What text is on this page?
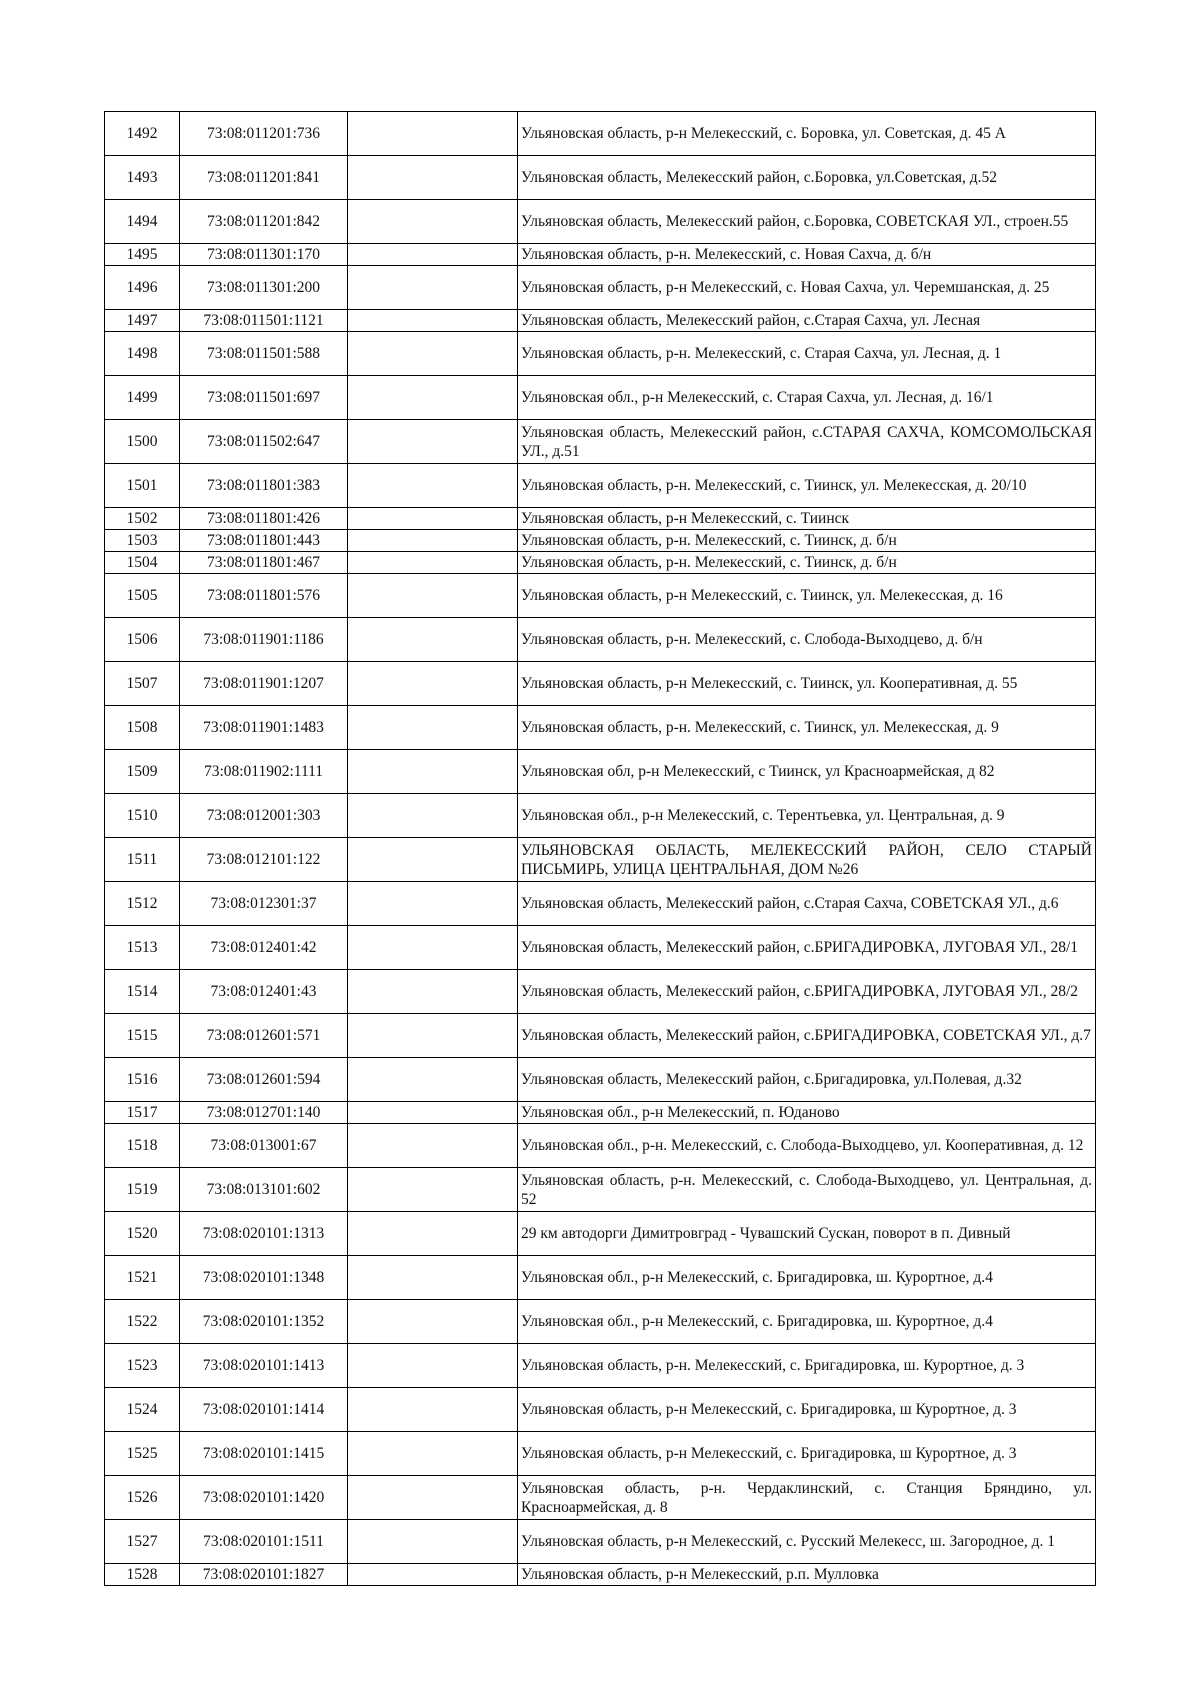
1492	73:08:011201:736		Ульяновская область, р-н Мелекесский, с. Боровка, ул. Советская, д. 45 А
1493	73:08:011201:841		Ульяновская область, Мелекесский район, с.Боровка, ул.Советская, д.52
1494	73:08:011201:842		Ульяновская область, Мелекесский район, с.Боровка, СОВЕТСКАЯ УЛ., строен.55
1495	73:08:011301:170		Ульяновская область, р-н. Мелекесский, с. Новая Сахча, д. б/н
1496	73:08:011301:200		Ульяновская область, р-н Мелекесский, с. Новая Сахча, ул. Черемшанская, д. 25
1497	73:08:011501:1121		Ульяновская область, Мелекесский район, с.Старая Сахча, ул. Лесная
1498	73:08:011501:588		Ульяновская область, р-н. Мелекесский, с. Старая Сахча, ул. Лесная, д. 1
1499	73:08:011501:697		Ульяновская обл., р-н Мелекесский, с. Старая Сахча, ул. Лесная, д. 16/1
1500	73:08:011502:647		Ульяновская область, Мелекесский район, с.СТАРАЯ САХЧА, КОМСОМОЛЬСКАЯ УЛ., д.51
1501	73:08:011801:383		Ульяновская область, р-н. Мелекесский, с. Тиинск, ул. Мелекесская, д. 20/10
1502	73:08:011801:426		Ульяновская область, р-н Мелекесский, с. Тиинск
1503	73:08:011801:443		Ульяновская область, р-н. Мелекесский, с. Тиинск, д. б/н
1504	73:08:011801:467		Ульяновская область, р-н. Мелекесский, с. Тиинск, д. б/н
1505	73:08:011801:576		Ульяновская область, р-н Мелекесский, с. Тиинск, ул. Мелекесская, д. 16
1506	73:08:011901:1186		Ульяновская область, р-н. Мелекесский, с. Слобода-Выходцево, д. б/н
1507	73:08:011901:1207		Ульяновская область, р-н Мелекесский, с. Тиинск, ул. Кооперативная, д. 55
1508	73:08:011901:1483		Ульяновская область, р-н. Мелекесский, с. Тиинск, ул. Мелекесская, д. 9
1509	73:08:011902:1111		Ульяновская обл, р-н Мелекесский, с Тиинск, ул Красноармейская, д 82
1510	73:08:012001:303		Ульяновская обл., р-н Мелекесский, с. Терентьевка, ул. Центральная, д. 9
1511	73:08:012101:122		УЛЬЯНОВСКАЯ ОБЛАСТЬ, МЕЛЕКЕССКИЙ РАЙОН, СЕЛО СТАРЫЙ ПИСЬМИРЬ, УЛИЦА ЦЕНТРАЛЬНАЯ, ДОМ №26
1512	73:08:012301:37		Ульяновская область, Мелекесский район, с.Старая Сахча, СОВЕТСКАЯ УЛ., д.6
1513	73:08:012401:42		Ульяновская область, Мелекесский район, с.БРИГАДИРОВКА, ЛУГОВАЯ УЛ., 28/1
1514	73:08:012401:43		Ульяновская область, Мелекесский район, с.БРИГАДИРОВКА, ЛУГОВАЯ УЛ., 28/2
1515	73:08:012601:571		Ульяновская область, Мелекесский район, с.БРИГАДИРОВКА, СОВЕТСКАЯ УЛ., д.7
1516	73:08:012601:594		Ульяновская область, Мелекесский район, с.Бригадировка, ул.Полевая, д.32
1517	73:08:012701:140		Ульяновская обл., р-н Мелекесский, п. Юданово
1518	73:08:013001:67		Ульяновская обл., р-н. Мелекесский, с. Слобода-Выходцево, ул. Кооперативная, д. 12
1519	73:08:013101:602		Ульяновская область, р-н. Мелекесский, с. Слобода-Выходцево, ул. Центральная, д. 52
1520	73:08:020101:1313		29 км автодорги Димитровград - Чувашский Сускан, поворот в п. Дивный
1521	73:08:020101:1348		Ульяновская обл., р-н Мелекесский, с. Бригадировка, ш. Курортное, д.4
1522	73:08:020101:1352		Ульяновская обл., р-н Мелекесский, с. Бригадировка, ш. Курортное, д.4
1523	73:08:020101:1413		Ульяновская область, р-н. Мелекесский, с. Бригадировка, ш. Курортное, д. 3
1524	73:08:020101:1414		Ульяновская область, р-н Мелекесский, с. Бригадировка, ш Курортное, д. 3
1525	73:08:020101:1415		Ульяновская область, р-н Мелекесский, с. Бригадировка, ш Курортное, д. 3
1526	73:08:020101:1420		Ульяновская область, р-н. Чердаклинский, с. Станция Бряндино, ул. Красноармейская, д. 8
1527	73:08:020101:1511		Ульяновская область, р-н Мелекесский, с. Русский Мелекесс, ш. Загородное, д. 1
1528	73:08:020101:1827		Ульяновская область, р-н Мелекесский, р.п. Мулловка
